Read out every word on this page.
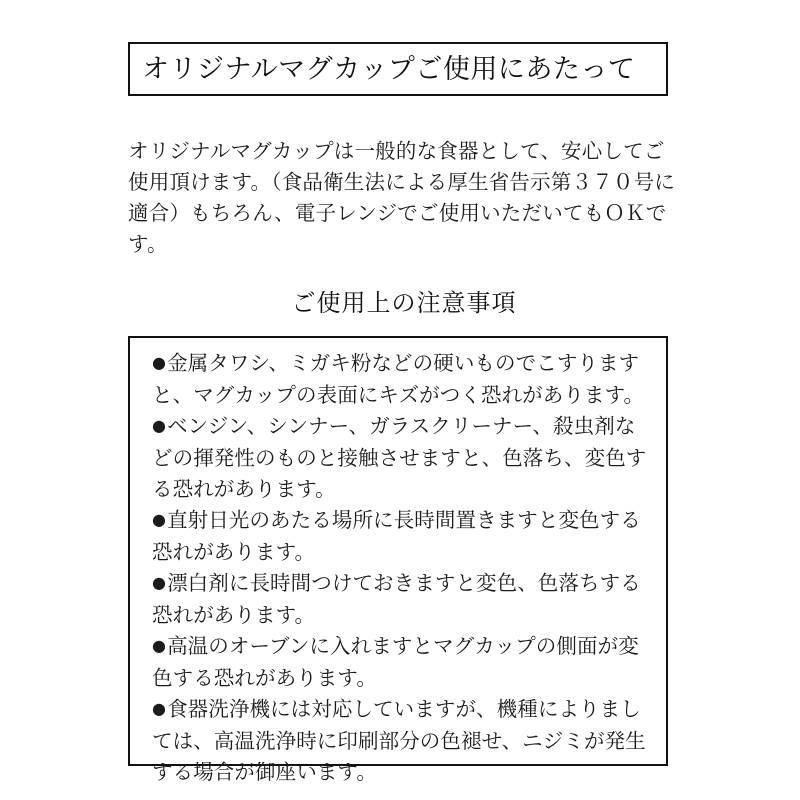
オリジナルマグカップご使用にあたって
オリジナルマグカップは一般的な食器として、安心してご使用頂けます。（食品衛生法による厚生省告示第３７０号に適合）もちろん、電子レンジでご使用いただいてもＯＫです。
ご使用上の注意事項
● 金属タワシ、ミガキ粉などの硬いものでこすりますと、マグカップの表面にキズがつく恐れがあります。
● ベンジン、シンナー、ガラスクリーナー、殺虫剤などの揮発性のものと接触させますと、色落ち、変色する恐れがあります。
● 直射日光のあたる場所に長時間置きますと変色する恐れがあります。
● 漂白剤に長時間つけておきますと変色、色落ちする恐れがあります。
● 高温のオーブンに入れますとマグカップの側面が変色する恐れがあります。
● 食器洗浄機には対応していますが、機種によりましては、高温洗浄時に印刷部分の色褪せ、ニジミが発生する場合が御座います。
